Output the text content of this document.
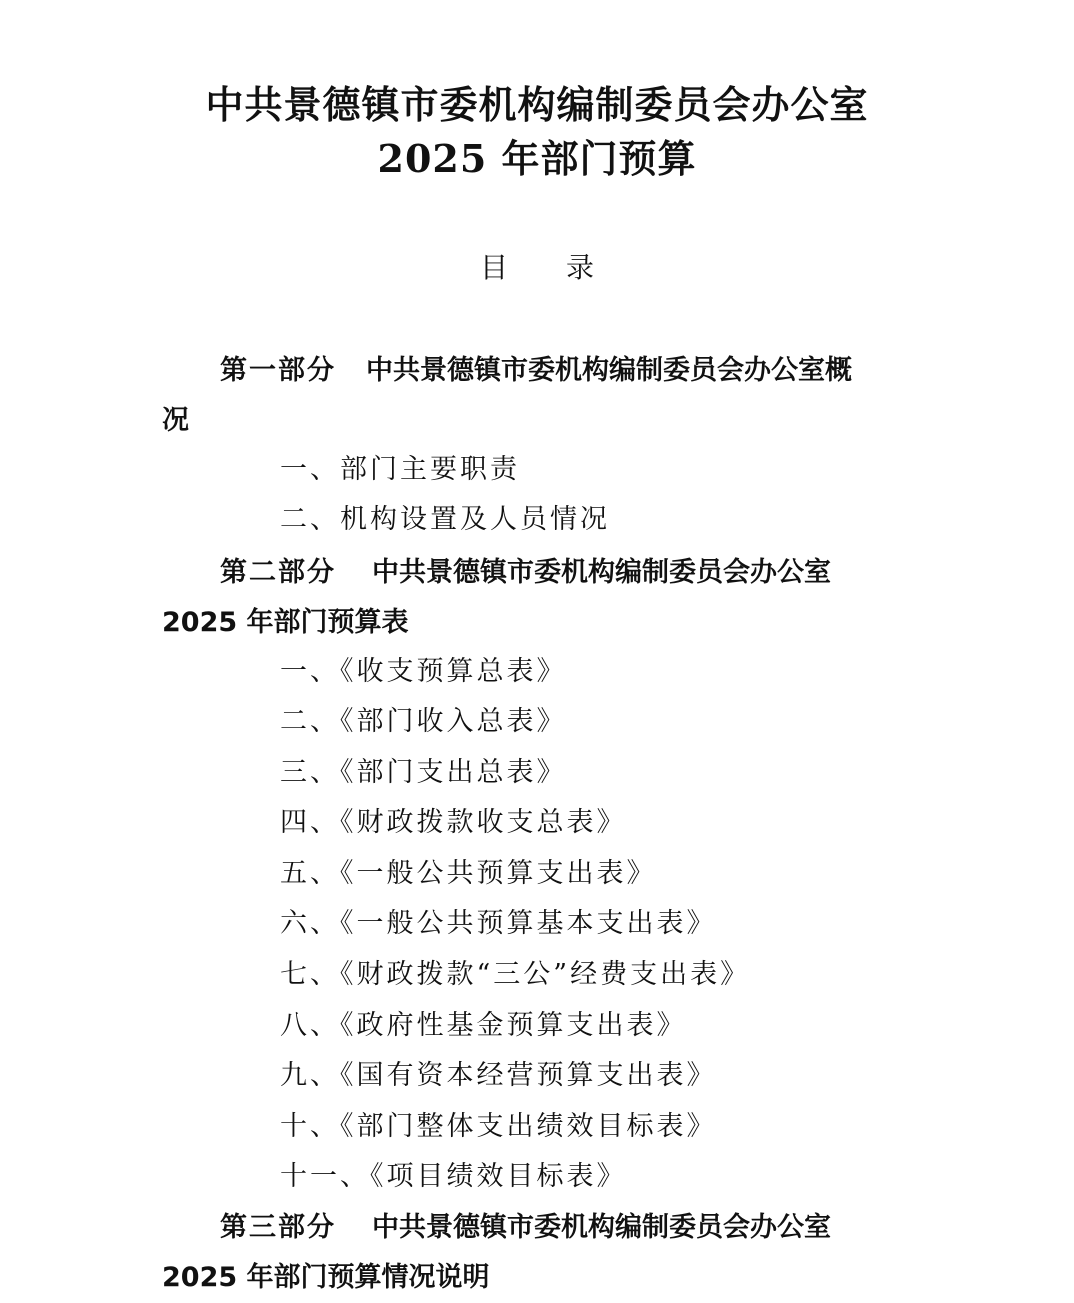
中共景德镇市委机构编制委员会办公室
2025 年部门预算
目录
第一部分 中共景德镇市委机构编制委员会办公室概
况
一、部门主要职责
二、机构设置及人员情况
第二部分 中共景德镇市委机构编制委员会办公室
2025 年部门预算表
一、《收支预算总表》
二、《部门收入总表》
三、《部门支出总表》
四、《财政拨款收支总表》
五、《一般公共预算支出表》
六、《一般公共预算基本支出表》
七、《财政拨款“三公”经费支出表》
八、《政府性基金预算支出表》
九、《国有资本经营预算支出表》
十、《部门整体支出绩效目标表》
十一、《项目绩效目标表》
第三部分 中共景德镇市委机构编制委员会办公室
2025 年部门预算情况说明
